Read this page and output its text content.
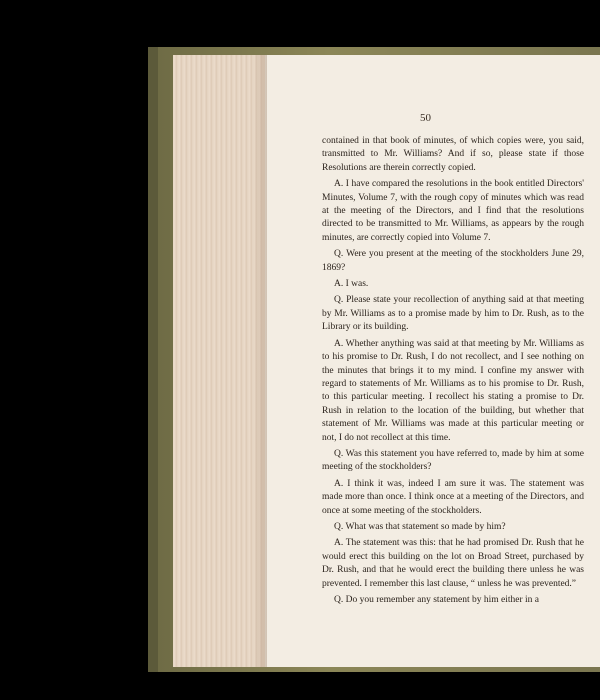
50

contained in that book of minutes, of which copies were, you said, transmitted to Mr. Williams? And if so, please state if those Resolutions are therein correctly copied.

A. I have compared the resolutions in the book entitled Directors' Minutes, Volume 7, with the rough copy of minutes which was read at the meeting of the Directors, and I find that the resolutions directed to be transmitted to Mr. Williams, as appears by the rough minutes, are correctly copied into Volume 7.

Q. Were you present at the meeting of the stockholders June 29, 1869?

A. I was.

Q. Please state your recollection of anything said at that meeting by Mr. Williams as to a promise made by him to Dr. Rush, as to the Library or its building.

A. Whether anything was said at that meeting by Mr. Williams as to his promise to Dr. Rush, I do not recollect, and I see nothing on the minutes that brings it to my mind. I confine my answer with regard to statements of Mr. Williams as to his promise to Dr. Rush, to this particular meeting. I recollect his stating a promise to Dr. Rush in relation to the location of the building, but whether that statement of Mr. Williams was made at this particular meeting or not, I do not recollect at this time.

Q. Was this statement you have referred to, made by him at some meeting of the stockholders?

A. I think it was, indeed I am sure it was. The statement was made more than once. I think once at a meeting of the Directors, and once at some meeting of the stockholders.

Q. What was that statement so made by him?

A. The statement was this: that he had promised Dr. Rush that he would erect this building on the lot on Broad Street, purchased by Dr. Rush, and that he would erect the building there unless he was prevented. I remember this last clause, “ unless he was prevented.”

Q. Do you remember any statement by him either in a
